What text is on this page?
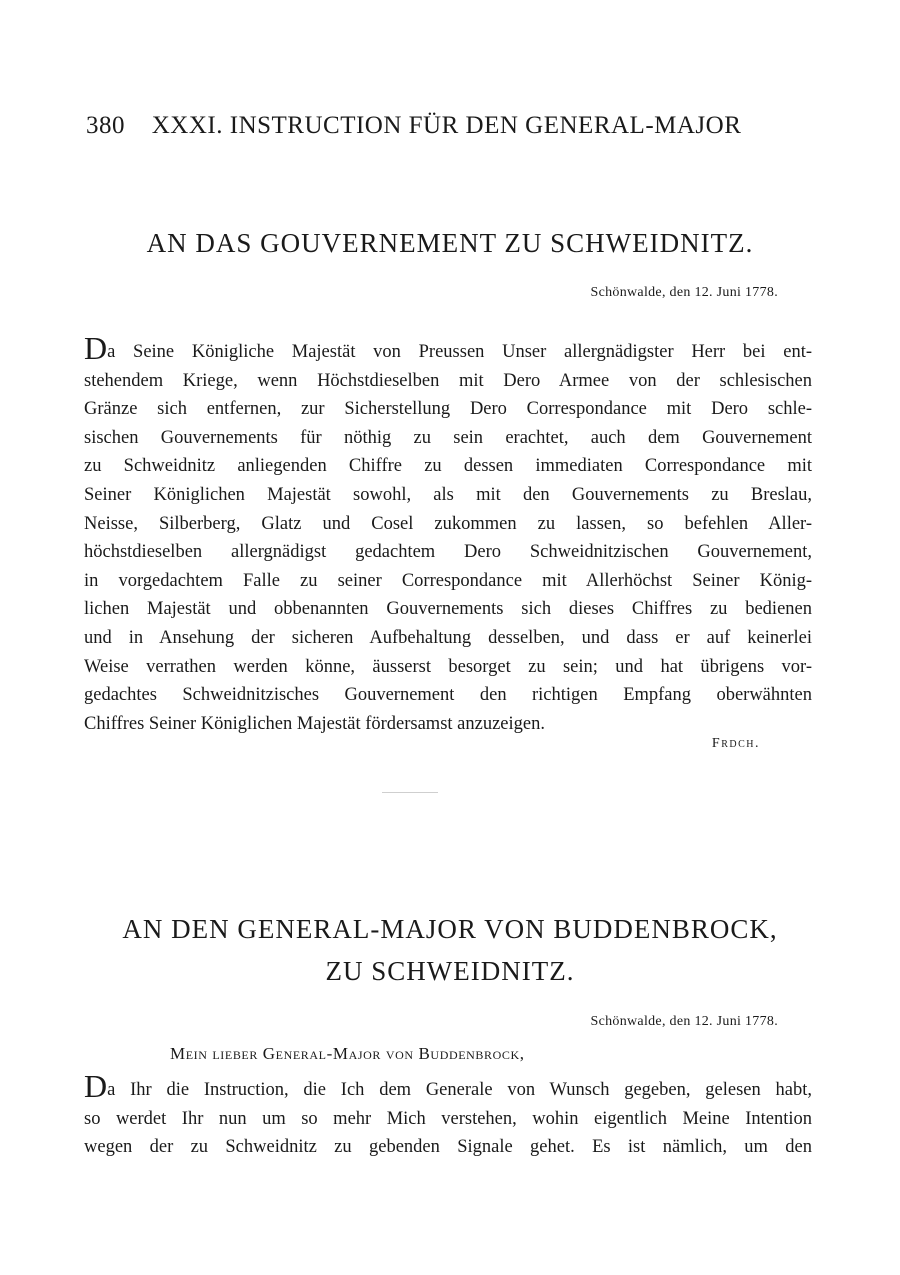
380 XXXI. INSTRUCTION FÜR DEN GENERAL-MAJOR
AN DAS GOUVERNEMENT ZU SCHWEIDNITZ.
Schönwalde, den 12. Juni 1778.
Da Seine Königliche Majestät von Preussen Unser allergnädigster Herr bei ent-
stehendem Kriege, wenn Höchstdieselben mit Dero Armee von der schlesischen
Gränze sich entfernen, zur Sicherstellung Dero Correspondance mit Dero schle-
sischen Gouvernements für nöthig zu sein erachtet, auch dem Gouvernement
zu Schweidnitz anliegenden Chiffre zu dessen immediaten Correspondance mit
Seiner Königlichen Majestät sowohl, als mit den Gouvernements zu Breslau,
Neisse, Silberberg, Glatz und Cosel zukommen zu lassen, so befehlen Aller-
höchstdieselben allergnädigst gedachtem Dero Schweidnitzischen Gouvernement,
in vorgedachtem Falle zu seiner Correspondance mit Allerhöchst Seiner König-
lichen Majestät und obbenannten Gouvernements sich dieses Chiffres zu bedienen
und in Ansehung der sicheren Aufbehaltung desselben, und dass er auf keinerlei
Weise verrathen werden könne, äusserst besorget zu sein; und hat übrigens vor-
gedachtes Schweidnitzisches Gouvernement den richtigen Empfang oberwähnten
Chiffres Seiner Königlichen Majestät fördersamst anzuzeigen.
Frdch.
AN DEN GENERAL-MAJOR VON BUDDENBROCK,
ZU SCHWEIDNITZ.
Schönwalde, den 12. Juni 1778.
Mein lieber General-Major von Buddenbrock,
Da Ihr die Instruction, die Ich dem Generale von Wunsch gegeben, gelesen habt,
so werdet Ihr nun um so mehr Mich verstehen, wohin eigentlich Meine Intention
wegen der zu Schweidnitz zu gebenden Signale gehet. Es ist nämlich, um den
